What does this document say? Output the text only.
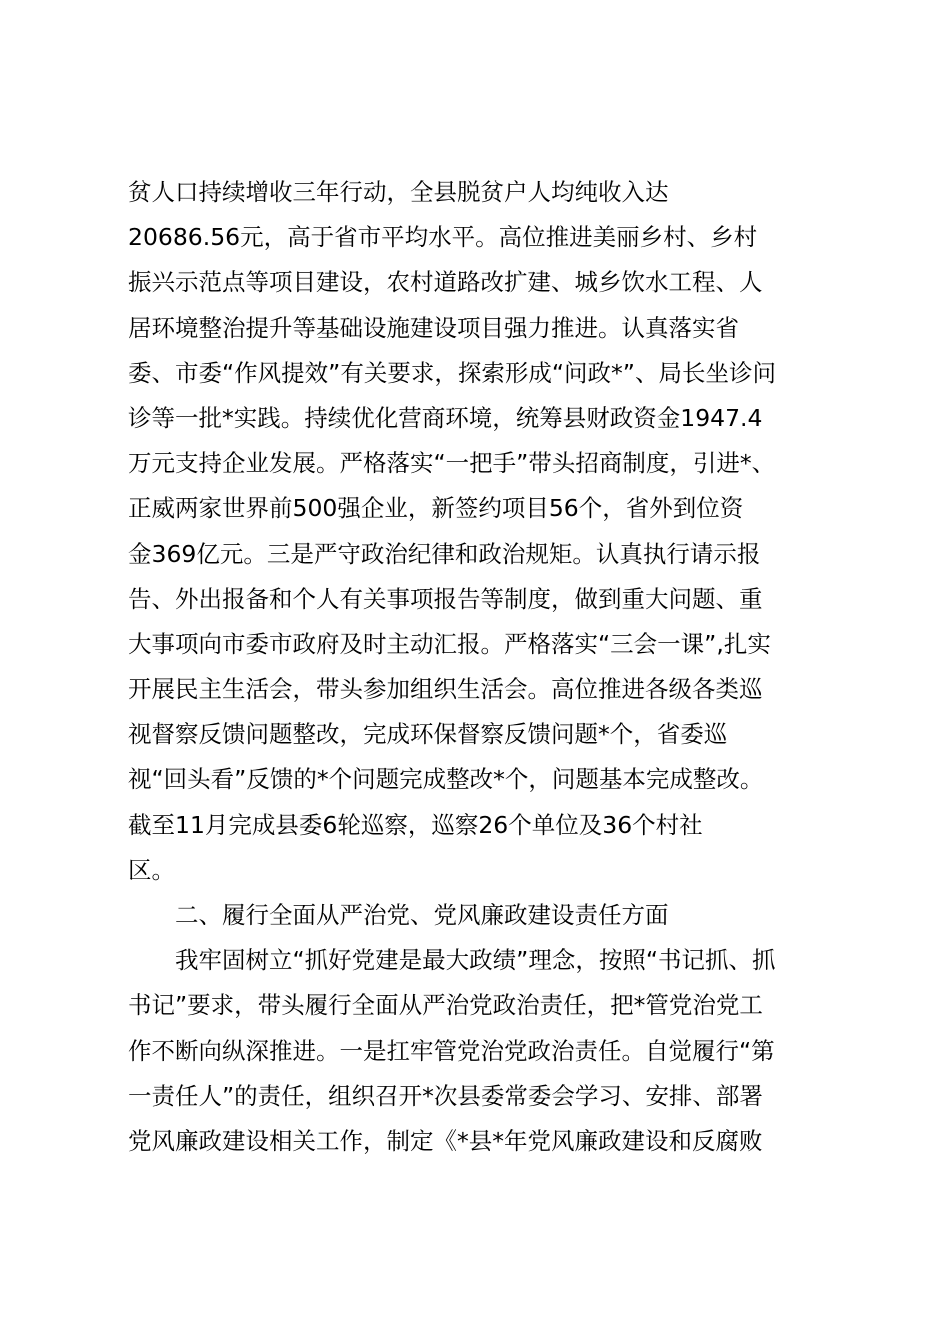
贫人口持续增收三年行动，全县脱贫户人均纯收入达
20686.56元，高于省市平均水平。高位推进美丽乡村、乡村
振兴示范点等项目建设，农村道路改扩建、城乡饮水工程、人
居环境整治提升等基础设施建设项目强力推进。认真落实省
委、市委“作风提效”有关要求，探索形成“问政*”、局长坐诊问
诊等一批*实践。持续优化营商环境，统筹县财政资金1947.4
万元支持企业发展。严格落实“一把手”带头招商制度，引进*、
正威两家世界前500强企业，新签约项目56个，省外到位资
金369亿元。三是严守政治纪律和政治规矩。认真执行请示报
告、外出报备和个人有关事项报告等制度，做到重大问题、重
大事项向市委市政府及时主动汇报。严格落实“三会一课”,扎实
开展民主生活会，带头参加组织生活会。高位推进各级各类巡
视督察反馈问题整改，完成环保督察反馈问题*个，省委巡
视“回头看”反馈的*个问题完成整改*个，问题基本完成整改。
截至11月完成县委6轮巡察，巡察26个单位及36个村社
区。
二、履行全面从严治党、党风廉政建设责任方面
我牢固树立“抓好党建是最大政绩”理念，按照“书记抓、抓
书记”要求，带头履行全面从严治党政治责任，把*管党治党工
作不断向纵深推进。一是扛牢管党治党政治责任。自觉履行“第
一责任人”的责任，组织召开*次县委常委会学习、安排、部署
党风廉政建设相关工作，制定《*县*年党风廉政建设和反腐败
